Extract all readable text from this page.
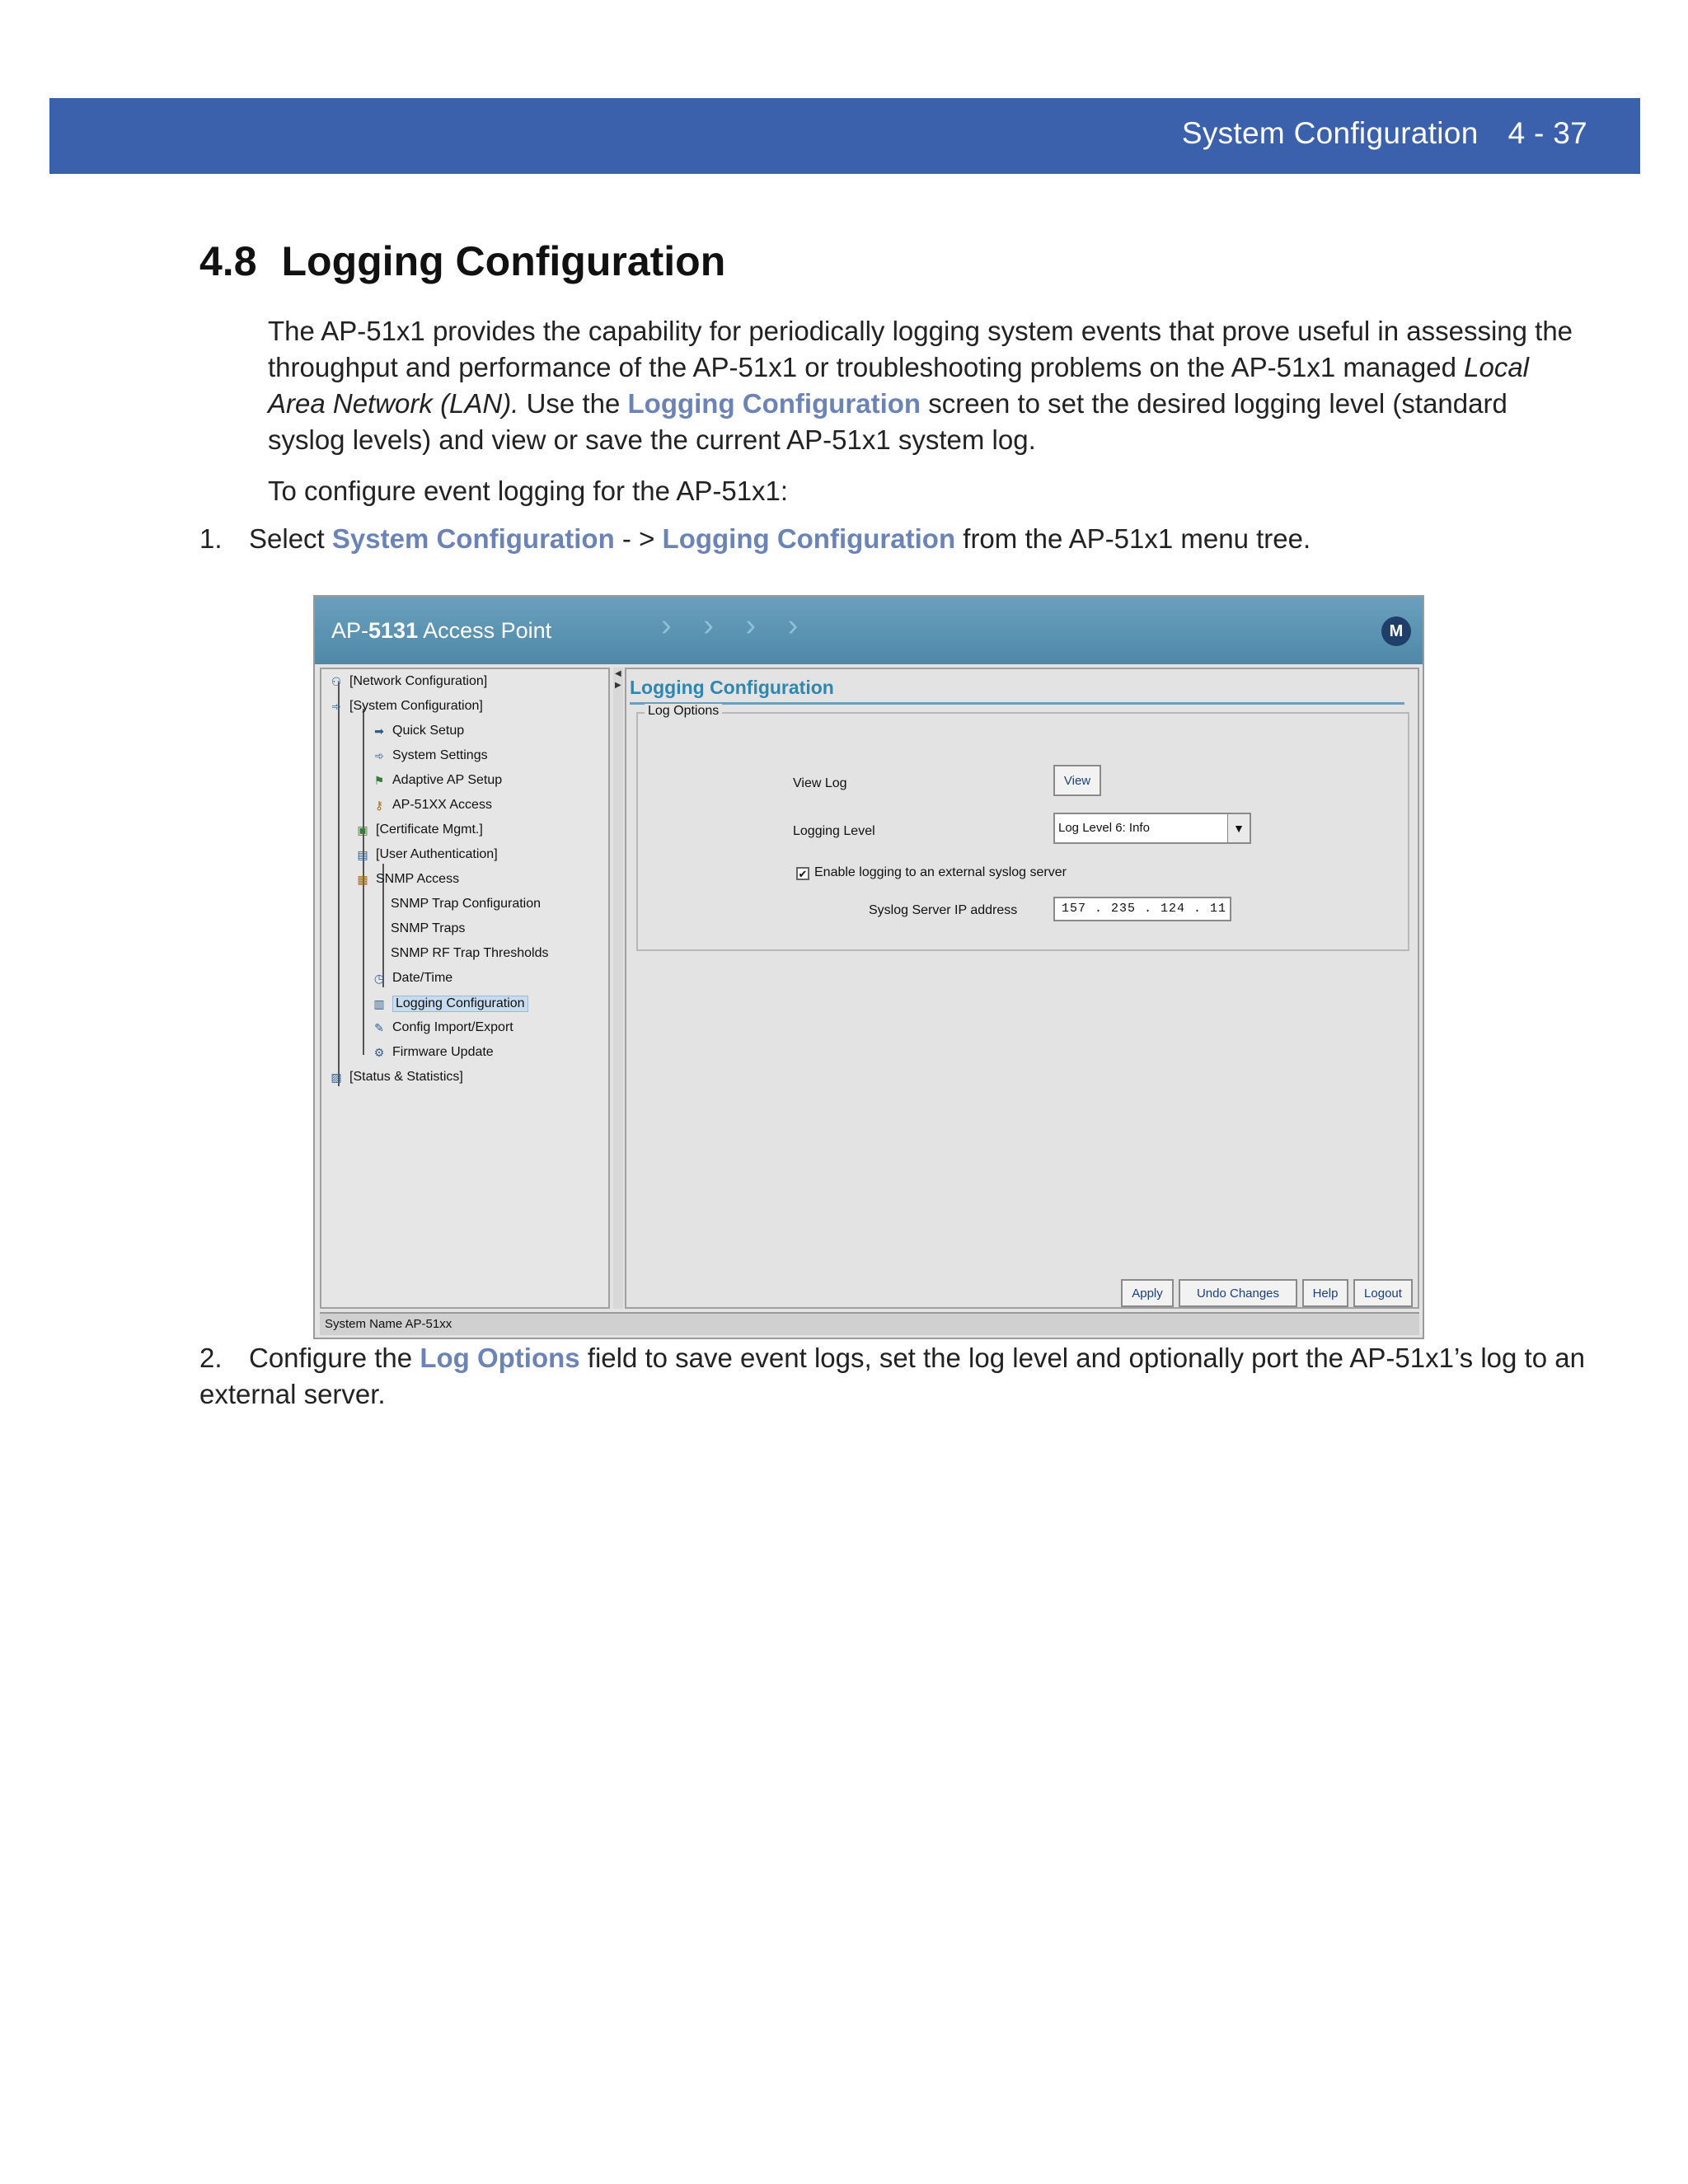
System Configuration 4 - 37
4.8 Logging Configuration
The AP-51x1 provides the capability for periodically logging system events that prove useful in assessing the throughput and performance of the AP-51x1 or troubleshooting problems on the AP-51x1 managed Local Area Network (LAN). Use the Logging Configuration screen to set the desired logging level (standard syslog levels) and view or save the current AP-51x1 system log.
To configure event logging for the AP-51x1:
1. Select System Configuration - > Logging Configuration from the AP-51x1 menu tree.
AP-5131 Access Point	› › › ›	M
⚇ [Network Configuration]
➾ [System Configuration]
➡ Quick Setup
➾ System Settings
⚑ Adaptive AP Setup
⚷ AP-51XX Access
▣ [Certificate Mgmt.]
▤ [User Authentication]
▦ SNMP Access
SNMP Trap Configuration
SNMP Traps
SNMP RF Trap Thresholds
◷ Date/Time
▥ Logging Configuration
✎ Config Import/Export
⚙ Firmware Update
▨ [Status & Statistics]
◀
▶ Logging Configuration
Log Options
View Log	View
Logging Level	Log Level 6: Info	▼
✔ Enable logging to an external syslog server
Syslog Server IP address	157 . 235 . 124 . 11
Apply	Undo Changes	Help	Logout
System Name AP-51xx
2. Configure the Log Options field to save event logs, set the log level and optionally port the AP-51x1’s log to an external server.
